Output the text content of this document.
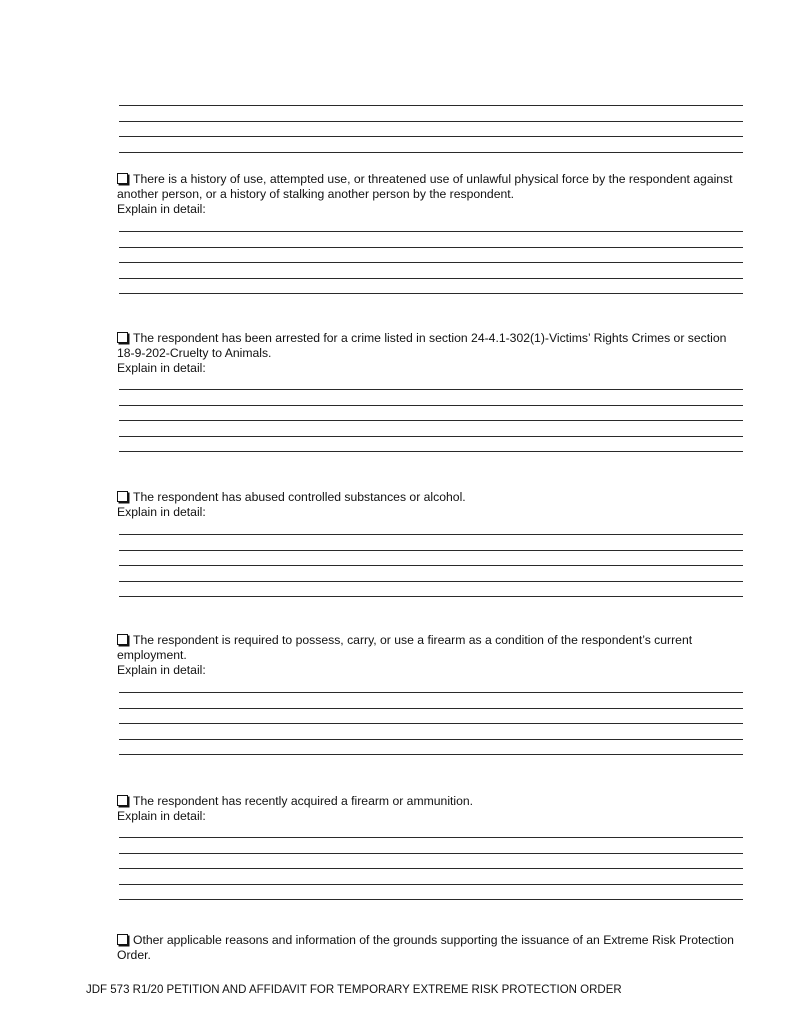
There is a history of use, attempted use, or threatened use of unlawful physical force by the respondent against another person, or a history of stalking another person by the respondent.

Explain in detail:

The respondent has been arrested for a crime listed in section 24-4.1-302(1)-Victims’ Rights Crimes or section 18-9-202-Cruelty to Animals.

Explain in detail:

The respondent has abused controlled substances or alcohol.

Explain in detail:

The respondent is required to possess, carry, or use a firearm as a condition of the respondent’s current employment.

Explain in detail:

The respondent has recently acquired a firearm or ammunition.

Explain in detail:

Other applicable reasons and information of the grounds supporting the issuance of an Extreme Risk Protection Order.

JDF 573 R1/20 PETITION AND AFFIDAVIT FOR TEMPORARY EXTREME RISK PROTECTION ORDER
